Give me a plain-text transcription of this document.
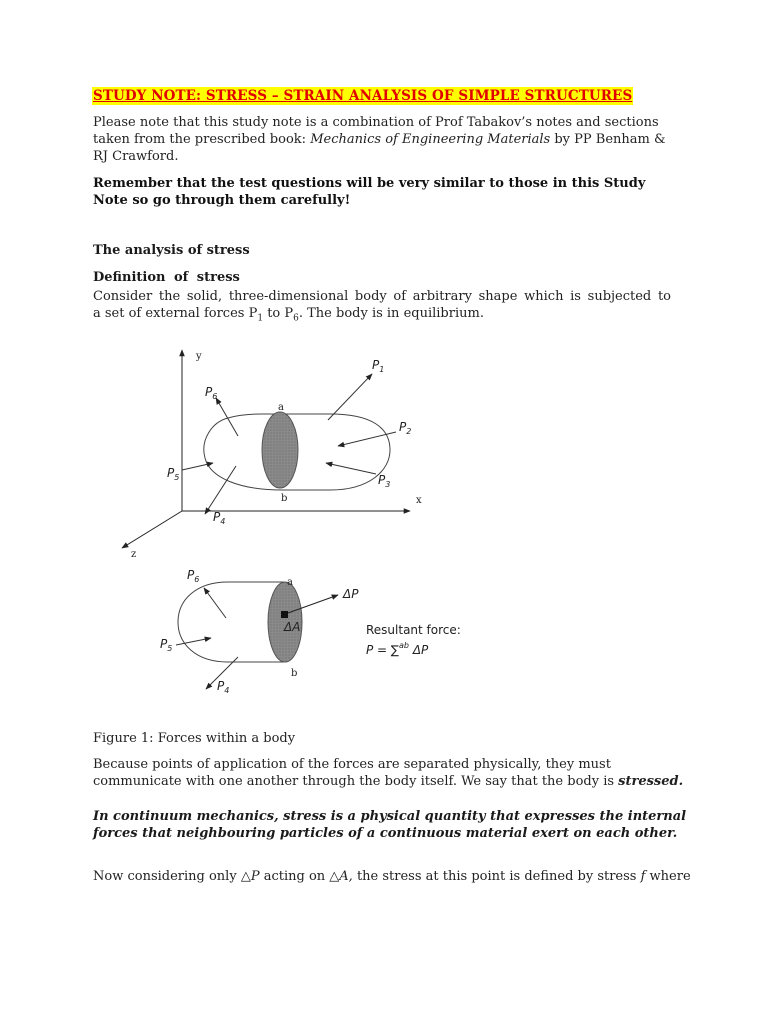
STUDY NOTE: STRESS – STRAIN ANALYSIS OF SIMPLE STRUCTURES

Please note that this study note is a combination of Prof Tabakov’s notes and sections taken from the prescribed book: Mechanics of Engineering Materials by PP Benham & RJ Crawford.

Remember that the test questions will be very similar to those in this Study Note so go through them carefully!

The analysis of stress
Definition of stress

Consider the solid, three-dimensional body of arbitrary shape which is subjected to
a set of external forces $P_1$ to $P_6$. The body is in equilibrium.

y
x
z
a
b
$P_1$
$P_2$
$P_3$
$P_4$
$P_5$
$P_6$
a
b
ΔP
ΔA
$P_6$
$P_5$
$P_4$
Resultant force:
P = ∑$^{ab}$ ΔP

Figure 1: Forces within a body

Because points of application of the forces are separated physically, they must communicate with one another through the body itself. We say that the body is stressed.

In continuum mechanics, stress is a physical quantity that expresses the internal forces that neighbouring particles of a continuous material exert on each other.

Now considering only △P acting on △A, the stress at this point is defined by stress f where
